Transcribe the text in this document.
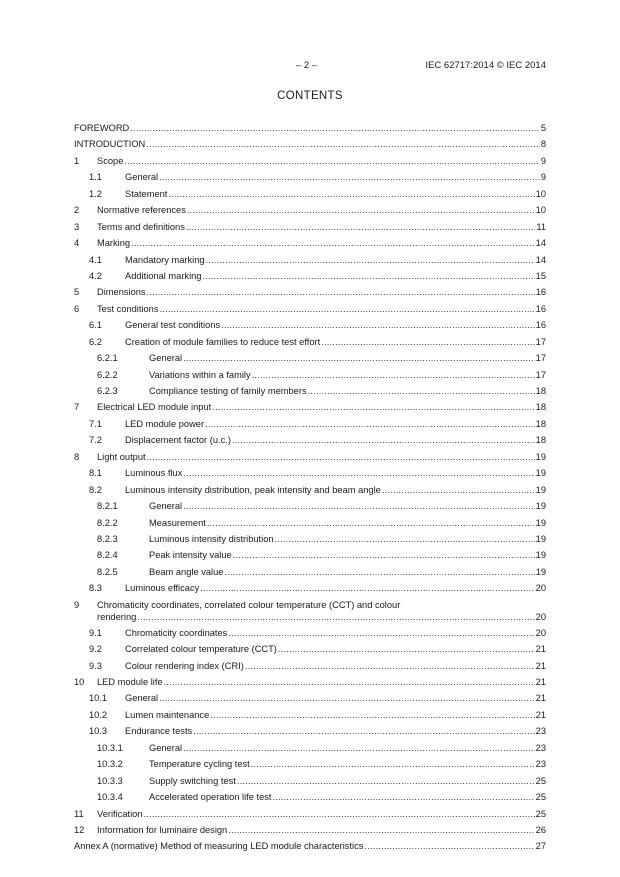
– 2 –	IEC 62717:2014 © IEC 2014
CONTENTS
FOREWORD .....	5
INTRODUCTION .....	8
1 Scope .....	9
1.1 General .....	9
1.2 Statement .....	10
2 Normative references .....	10
3 Terms and definitions .....	11
4 Marking .....	14
4.1 Mandatory marking .....	14
4.2 Additional marking .....	15
5 Dimensions .....	16
6 Test conditions .....	16
6.1 General test conditions .....	16
6.2 Creation of module families to reduce test effort .....	17
6.2.1	General .....	17
6.2.2	Variations within a family .....	17
6.2.3	Compliance testing of family members .....	18
7 Electrical LED module input .....	18
7.1 LED module power .....	18
7.2 Displacement factor (u.c.) .....	18
8 Light output .....	19
8.1 Luminous flux .....	19
8.2 Luminous intensity distribution, peak intensity and beam angle .....	19
8.2.1	General .....	19
8.2.2	Measurement .....	19
8.2.3	Luminous intensity distribution .....	19
8.2.4	Peak intensity value .....	19
8.2.5	Beam angle value .....	19
8.3 Luminous efficacy .....	20
9 Chromaticity coordinates, correlated colour temperature (CCT) and colour
rendering .....	20
9.1 Chromaticity coordinates .....	20
9.2 Correlated colour temperature (CCT) .....	21
9.3 Colour rendering index (CRI) .....	21
10 LED module life .....	21
10.1 General .....	21
10.2 Lumen maintenance .....	21
10.3 Endurance tests .....	23
10.3.1	General .....	23
10.3.2	Temperature cycling test .....	23
10.3.3	Supply switching test .....	25
10.3.4	Accelerated operation life test .....	25
11 Verification .....	25
12 Information for luminaire design .....	26
Annex A (normative) Method of measuring LED module characteristics .....	27
